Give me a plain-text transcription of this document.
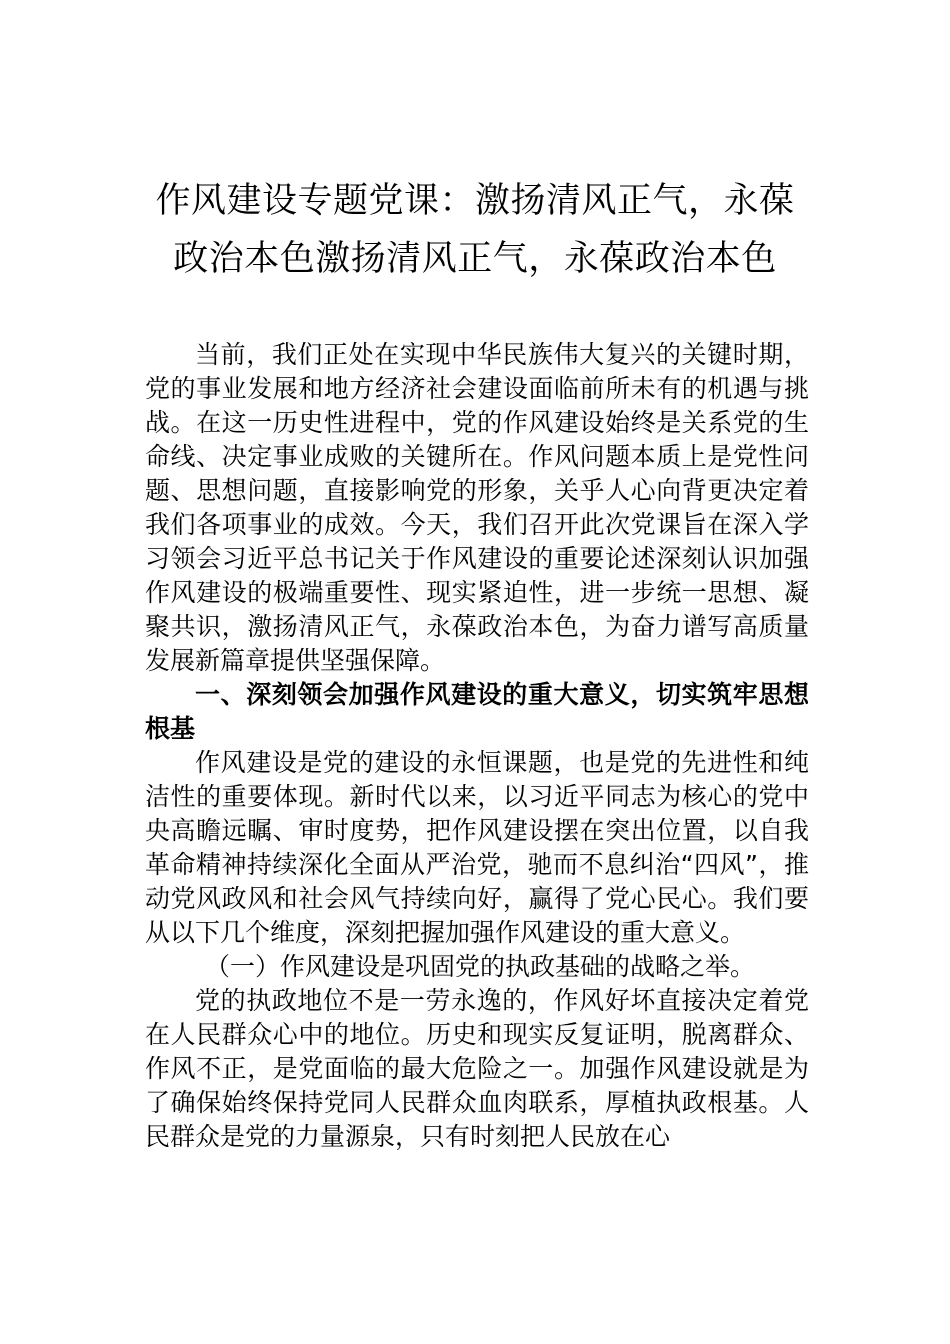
作风建设专题党课：激扬清风正气，永葆政治本色激扬清风正气，永葆政治本色

当前，我们正处在实现中华民族伟大复兴的关键时期，党的事业发展和地方经济社会建设面临前所未有的机遇与挑战。在这一历史性进程中，党的作风建设始终是关系党的生命线、决定事业成败的关键所在。作风问题本质上是党性问题、思想问题，直接影响党的形象，关乎人心向背更决定着我们各项事业的成效。今天，我们召开此次党课旨在深入学习领会习近平总书记关于作风建设的重要论述深刻认识加强作风建设的极端重要性、现实紧迫性，进一步统一思想、凝聚共识，激扬清风正气，永葆政治本色，为奋力谱写高质量发展新篇章提供坚强保障。

一、深刻领会加强作风建设的重大意义，切实筑牢思想根基

作风建设是党的建设的永恒课题，也是党的先进性和纯洁性的重要体现。新时代以来，以习近平同志为核心的党中央高瞻远瞩、审时度势，把作风建设摆在突出位置，以自我革命精神持续深化全面从严治党，驰而不息纠治“四风”，推动党风政风和社会风气持续向好，赢得了党心民心。我们要从以下几个维度，深刻把握加强作风建设的重大意义。

（一）作风建设是巩固党的执政基础的战略之举。

党的执政地位不是一劳永逸的，作风好坏直接决定着党在人民群众心中的地位。历史和现实反复证明，脱离群众、作风不正，是党面临的最大危险之一。加强作风建设就是为了确保始终保持党同人民群众血肉联系，厚植执政根基。人民群众是党的力量源泉，只有时刻把人民放在心
